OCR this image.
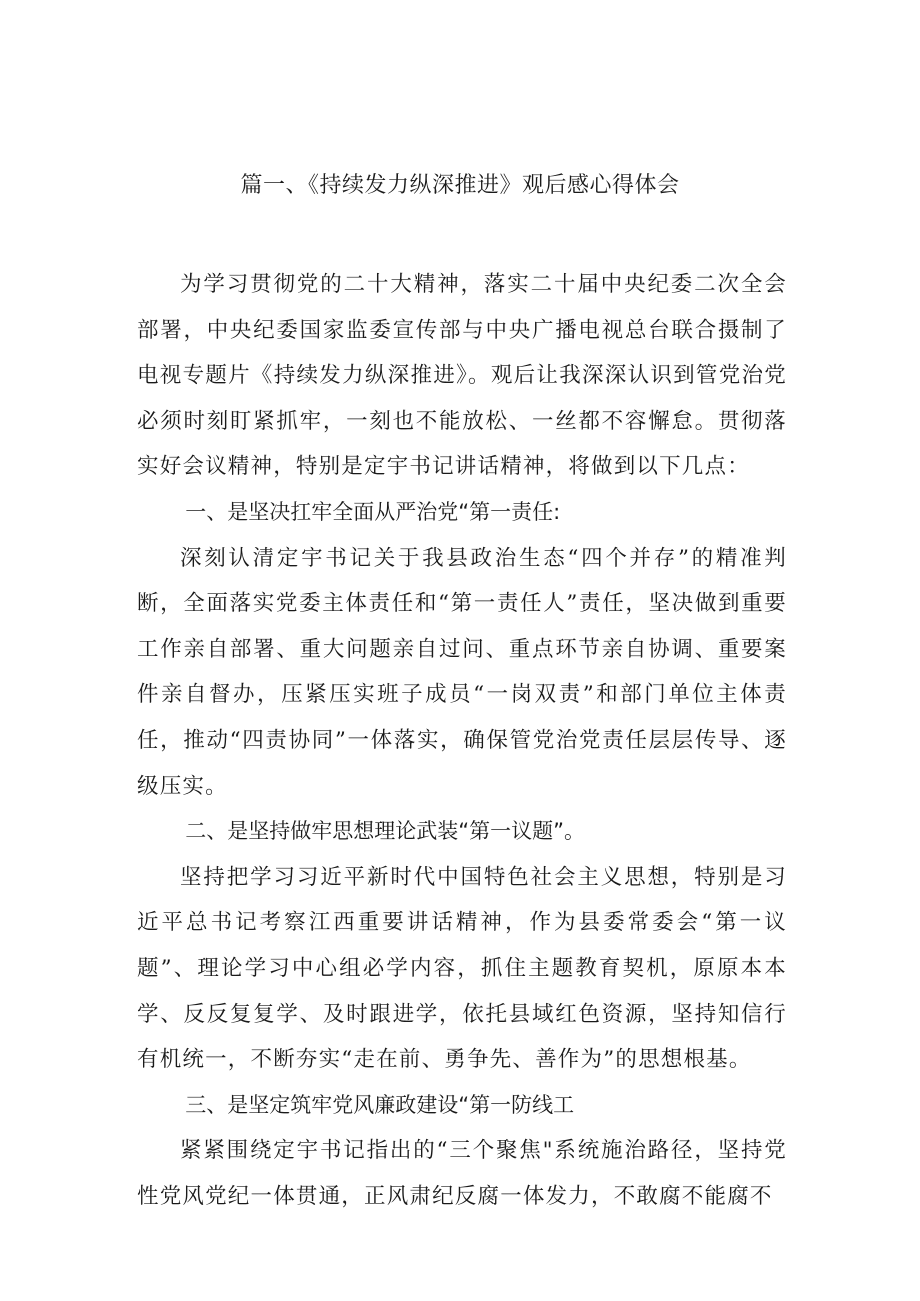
篇一、《持续发力纵深推进》观后感心得体会

为学习贯彻党的二十大精神，落实二十届中央纪委二次全会部署，中央纪委国家监委宣传部与中央广播电视总台联合摄制了电视专题片《持续发力纵深推进》。观后让我深深认识到管党治党必须时刻盯紧抓牢，一刻也不能放松、一丝都不容懈怠。贯彻落实好会议精神，特别是定宇书记讲话精神，将做到以下几点：

一、是坚决扛牢全面从严治党“第一责任:

深刻认清定宇书记关于我县政治生态“四个并存”的精准判断，全面落实党委主体责任和“第一责任人”责任，坚决做到重要工作亲自部署、重大问题亲自过问、重点环节亲自协调、重要案件亲自督办，压紧压实班子成员“一岗双责”和部门单位主体责任，推动“四责协同”一体落实，确保管党治党责任层层传导、逐级压实。

二、是坚持做牢思想理论武装“第一议题”。

坚持把学习习近平新时代中国特色社会主义思想，特别是习近平总书记考察江西重要讲话精神，作为县委常委会“第一议题”、理论学习中心组必学内容，抓住主题教育契机，原原本本学、反反复复学、及时跟进学，依托县域红色资源，坚持知信行有机统一，不断夯实“走在前、勇争先、善作为”的思想根基。

三、是坚定筑牢党风廉政建设“第一防线工

紧紧围绕定宇书记指出的“三个聚焦"系统施治路径，坚持党性党风党纪一体贯通，正风肃纪反腐一体发力，不敢腐不能腐不
